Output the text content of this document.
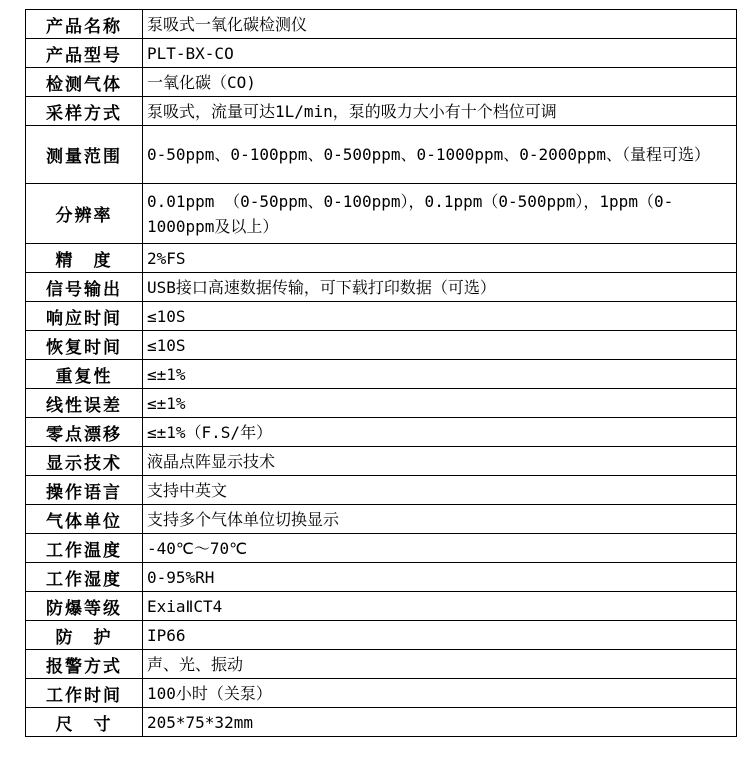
产品名称	泵吸式一氧化碳检测仪
产品型号	PLT-BX-CO
检测气体	一氧化碳（CO)
采样方式	泵吸式，流量可达1L/min，泵的吸力大小有十个档位可调
测量范围	0-50ppm、0-100ppm、0-500ppm、0-1000ppm、0-2000ppm、（量程可选）
分辨率	0.01ppm （0-50ppm、0-100ppm），0.1ppm（0-500ppm），1ppm（0-1000ppm及以上）
精　度	2%FS
信号输出	USB接口高速数据传输，可下载打印数据（可选）
响应时间	≤10S
恢复时间	≤10S
重复性	≤±1%
线性误差	≤±1%
零点漂移	≤±1%（F.S/年）
显示技术	液晶点阵显示技术
操作语言	支持中英文
气体单位	支持多个气体单位切换显示
工作温度	-40℃～70℃
工作湿度	0-95%RH
防爆等级	ExiaⅡCT4
防　护	IP66
报警方式	声、光、振动
工作时间	100小时（关泵）
尺　寸	205*75*32mm
